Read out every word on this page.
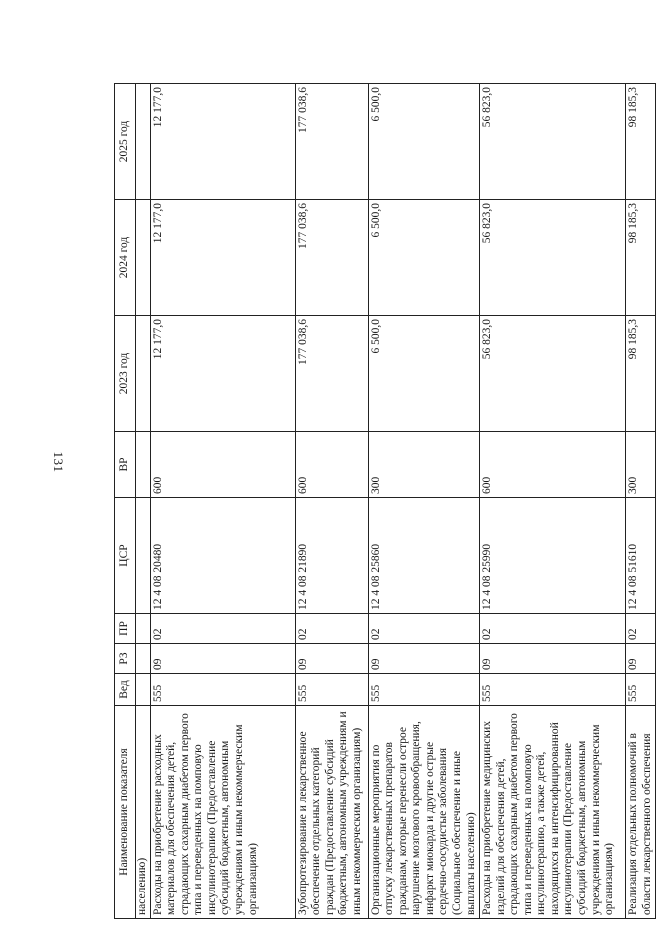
131
Наименование показателя	Вед	РЗ	ПР	ЦСР	ВР	2023 год	2024 год	2025 год
населению)								
Расходы на приобретение расходных материалов для обеспечения детей, страдающих сахарным диабетом первого типа и переведенных на помповую инсулинотерапию (Предоставление субсидий бюджетным, автономным учреждениям и иным некоммерческим организациям)	555	09	02	12 4 08 20480	600	12 177,0	12 177,0	12 177,0
Зубопротезирование и лекарственное обеспечение отдельных категорий граждан (Предоставление субсидий бюджетным, автономным учреждениям и иным некоммерческим организациям)	555	09	02	12 4 08 21890	600	177 038,6	177 038,6	177 038,6
Организационные мероприятия по отпуску лекарственных препаратов гражданам, которые перенесли острое нарушение мозгового кровообращения, инфаркт миокарда и другие острые сердечно-сосудистые заболевания (Социальное обеспечение и иные выплаты населению)	555	09	02	12 4 08 25860	300	6 500,0	6 500,0	6 500,0
Расходы на приобретение медицинских изделий для обеспечения детей, страдающих сахарным диабетом первого типа и переведенных на помповую инсулинотерапию, а также детей, находящихся на интенсифицированной инсулинотерапии (Предоставление субсидий бюджетным, автономным учреждениям и иным некоммерческим организациям)	555	09	02	12 4 08 25990	600	56 823,0	56 823,0	56 823,0
Реализация отдельных полномочий в области лекарственного обеспечения	555	09	02	12 4 08 51610	300	98 185,3	98 185,3	98 185,3
